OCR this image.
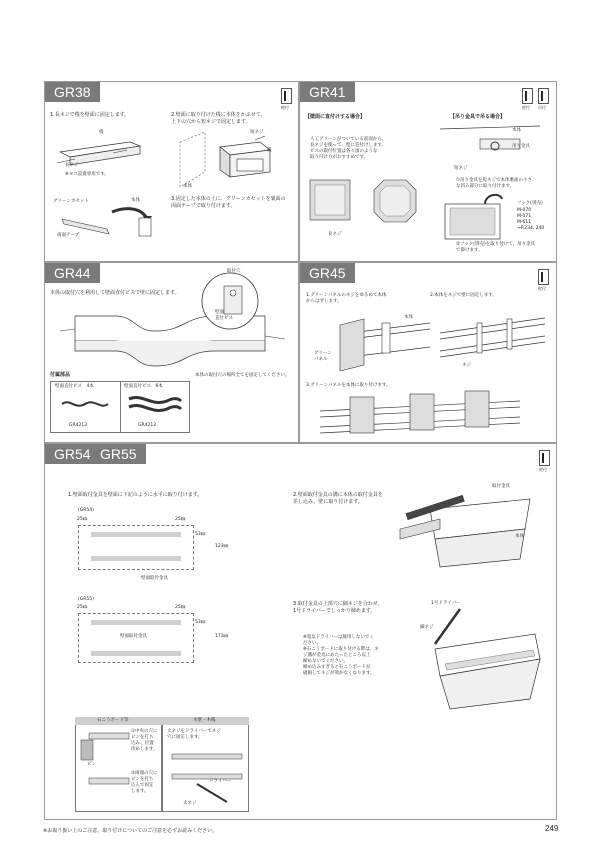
GR38
壁付
1.長ネジで桟を壁面に固定します。
桟
長ネジ
※ヨコ設置専用です。
2.壁面に取り付けた桟に本体をかぶせて、
上下の穴から短ネジで固定します。
短ネジ
桟
本体
3.固定した本体の上に、グリーンカセットを裏面の
両面テープで取り付けます。
グリーンカセット	本体
両面テープ
GR41
壁付 吊付
【壁面に直付けする場合】	【吊り金具で吊る場合】
人工グリーンがついている前面から、
長ネジを使って、壁に直付けします。
ビスの取付位置は各々図のような
取り付け方がおすすめです。
長ネジ
本体
吊り金具
短ネジ
①吊り金具を短ネジで本体裏面の小さ
な凹み部分に取り付けます。
フック(別売)
M-070
M-071
M-611
→P.234, 240
②フック(別売)を取り付けて、吊り金具
で掛けます。
GR44
本体の取付穴を利用して壁面直付ビスで壁に固定します。
取付穴
壁面
直付ビス
付属部品
壁面直付ビス　4本	壁面直付ビス　6本
GR4213	GR4212
本体の取付穴の場所全てを固定してください。
GR45
壁付
1.グリーンパネルのネジをゆるめて本体
からはずします。
2.本体をネジで壁に固定します。
本体
グリーン
パネル
ネジ
3.グリーンパネルを本体に取り付けます。
GR54 GR55
壁付
1.壁面取付金具を壁面に下記のように水平に取り付けます。
(GR54)
25㎜	25㎜
53㎜
123㎜
壁面取付金具
(GR55)
25㎜	25㎜
壁面取付金具
53㎜
173㎜
石こうボード等
①中央の穴に
ピンを打ち
込み、位置
決めします。
ピン
②両端の穴に
ピンを打ち
込んで固定
します。
木壁・木桟
太ネジをドライバーでネジ
穴に固定します。
ドライバー
太ネジ
2.壁面取付金具の溝に本体の取付金具を
差し込み、壁に取り付けます。
取付金具
本体
3.取付金具の上部穴に細ネジを合わせ、
1号ドライバーでしっかり締めます。
1号ドライバー
細ネジ
※電気ドライバーは使用しないでく
ださい。
※石こうボードに取り付ける際は、ネ
ジ溝が金具にあたったところ以上
締めないでください。
締め込みすぎると石こうボードが
破損してネジが効かなくなります。
※お取り扱い上のご注意、取り付けについてのご注意を必ずお読みください。	249
